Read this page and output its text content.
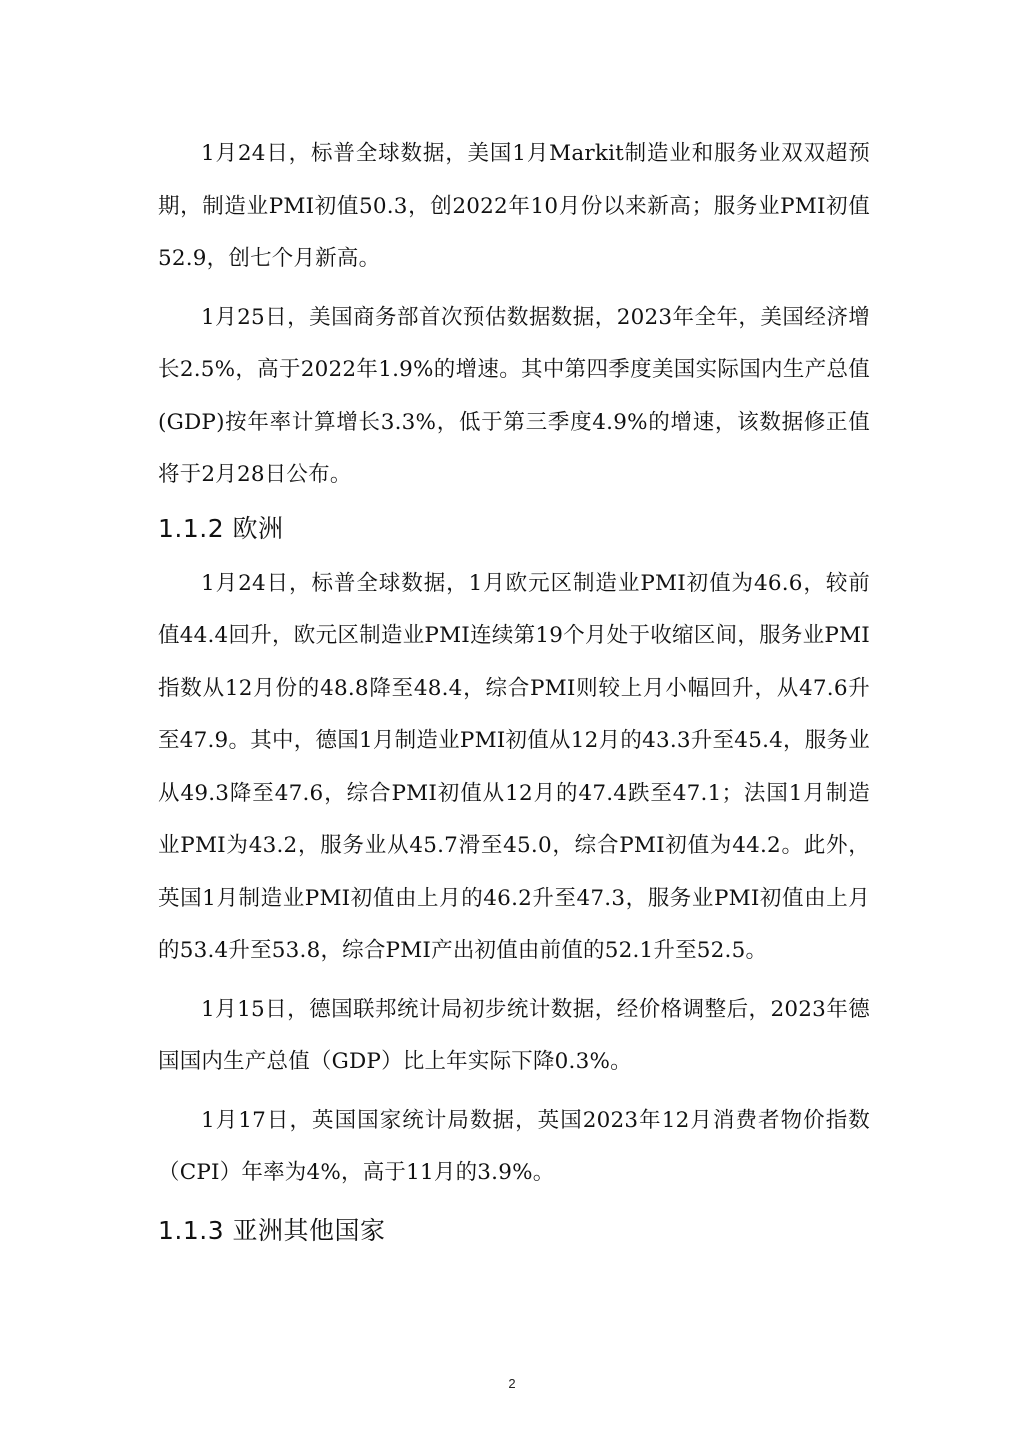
1月24日，标普全球数据，美国1月Markit制造业和服务业双双超预期，制造业PMI初值50.3，创2022年10月份以来新高；服务业PMI初值52.9，创七个月新高。

1月25日，美国商务部首次预估数据数据，2023年全年，美国经济增长2.5%，高于2022年1.9%的增速。其中第四季度美国实际国内生产总值(GDP)按年率计算增长3.3%，低于第三季度4.9%的增速，该数据修正值将于2月28日公布。

1.1.2 欧洲

1月24日，标普全球数据，1月欧元区制造业PMI初值为46.6，较前值44.4回升，欧元区制造业PMI连续第19个月处于收缩区间，服务业PMI指数从12月份的48.8降至48.4，综合PMI则较上月小幅回升，从47.6升至47.9。其中，德国1月制造业PMI初值从12月的43.3升至45.4，服务业从49.3降至47.6，综合PMI初值从12月的47.4跌至47.1；法国1月制造业PMI为43.2，服务业从45.7滑至45.0，综合PMI初值为44.2。此外，英国1月制造业PMI初值由上月的46.2升至47.3，服务业PMI初值由上月的53.4升至53.8，综合PMI产出初值由前值的52.1升至52.5。

1月15日，德国联邦统计局初步统计数据，经价格调整后，2023年德国国内生产总值（GDP）比上年实际下降0.3%。

1月17日，英国国家统计局数据，英国2023年12月消费者物价指数（CPI）年率为4%，高于11月的3.9%。

1.1.3 亚洲其他国家
2
